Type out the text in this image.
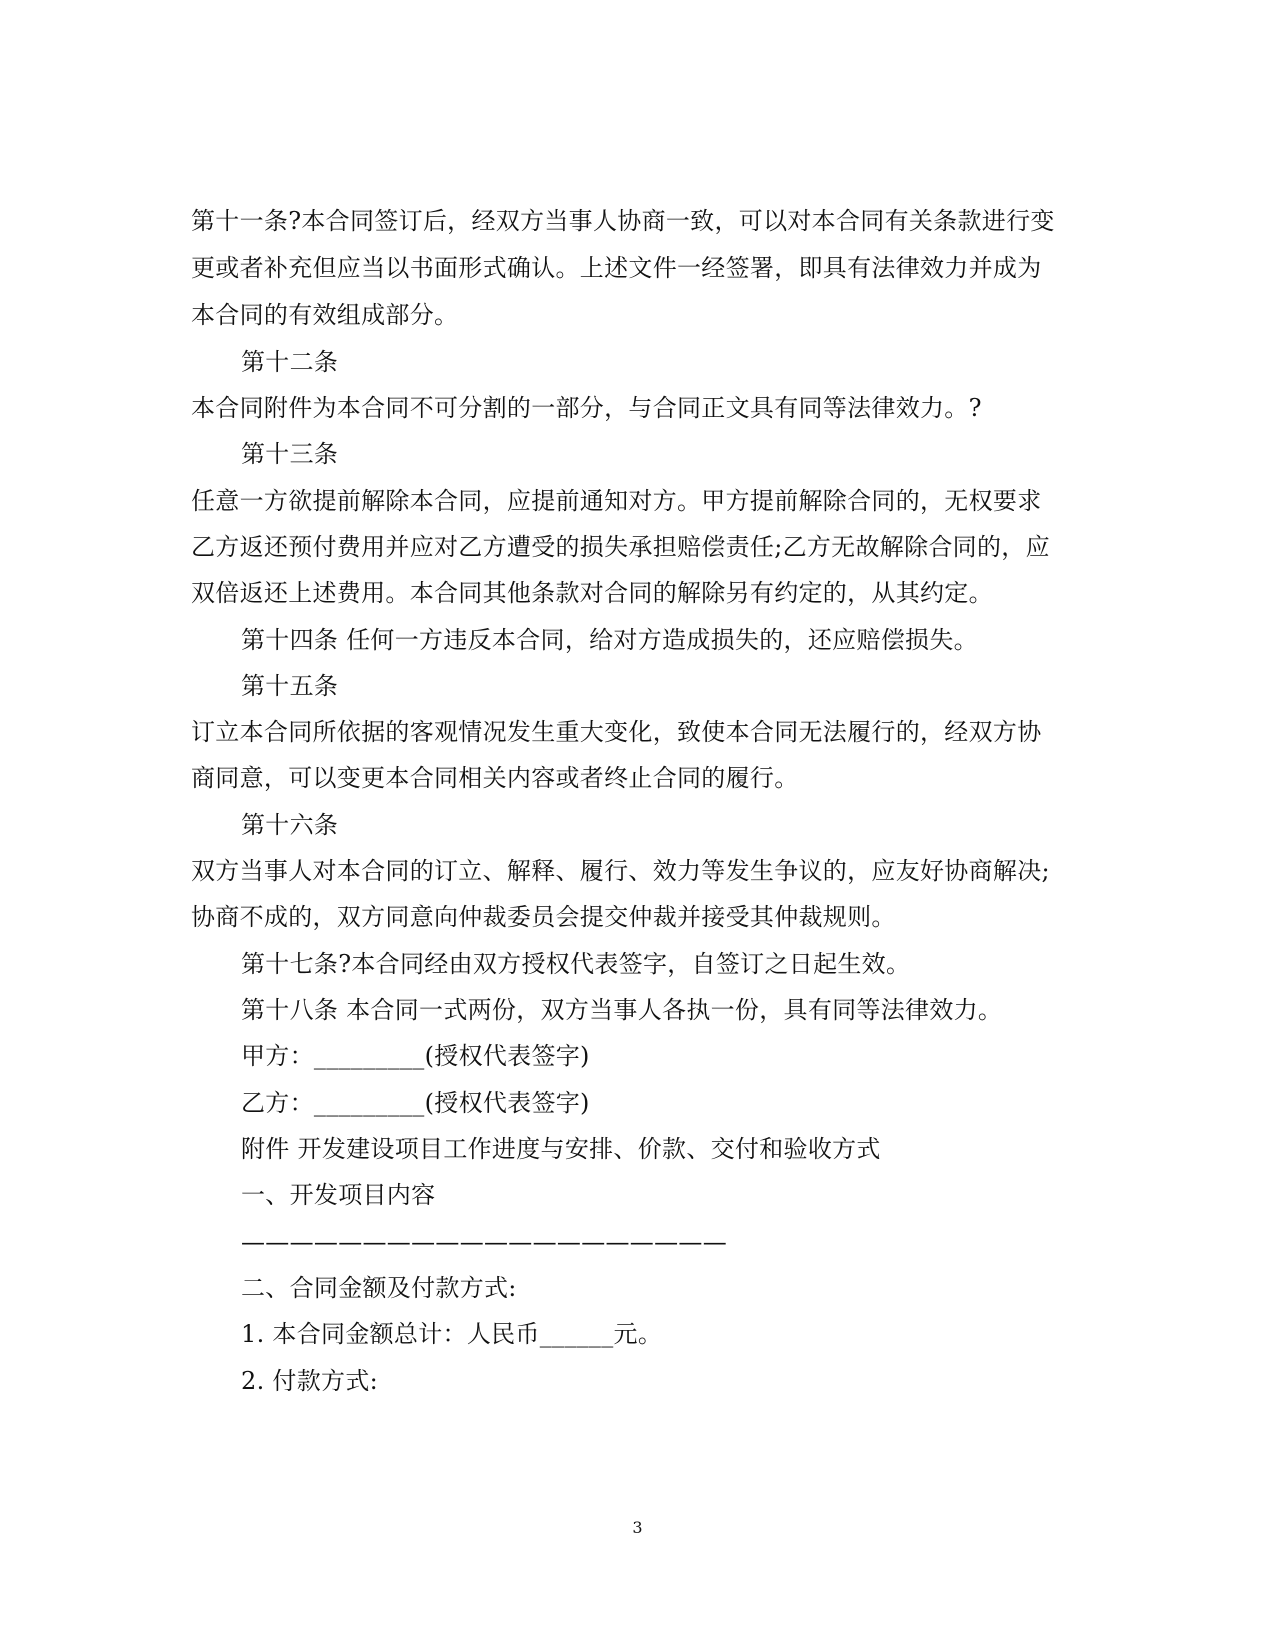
第十一条?本合同签订后，经双方当事人协商一致，可以对本合同有关条款进行变
更或者补充但应当以书面形式确认。上述文件一经签署，即具有法律效力并成为
本合同的有效组成部分。
第十二条
本合同附件为本合同不可分割的一部分，与合同正文具有同等法律效力。?
第十三条
任意一方欲提前解除本合同，应提前通知对方。甲方提前解除合同的，无权要求
乙方返还预付费用并应对乙方遭受的损失承担赔偿责任;乙方无故解除合同的，应
双倍返还上述费用。本合同其他条款对合同的解除另有约定的，从其约定。
第十四条 任何一方违反本合同，给对方造成损失的，还应赔偿损失。
第十五条
订立本合同所依据的客观情况发生重大变化，致使本合同无法履行的，经双方协
商同意，可以变更本合同相关内容或者终止合同的履行。
第十六条
双方当事人对本合同的订立、解释、履行、效力等发生争议的，应友好协商解决;
协商不成的，双方同意向仲裁委员会提交仲裁并接受其仲裁规则。
第十七条?本合同经由双方授权代表签字，自签订之日起生效。
第十八条 本合同一式两份，双方当事人各执一份，具有同等法律效力。
甲方：_________(授权代表签字)
乙方：_________(授权代表签字)
附件 开发建设项目工作进度与安排、价款、交付和验收方式
一、开发项目内容
————————————————————
二、合同金额及付款方式:
1. 本合同金额总计：人民币______元。
2. 付款方式:
3
